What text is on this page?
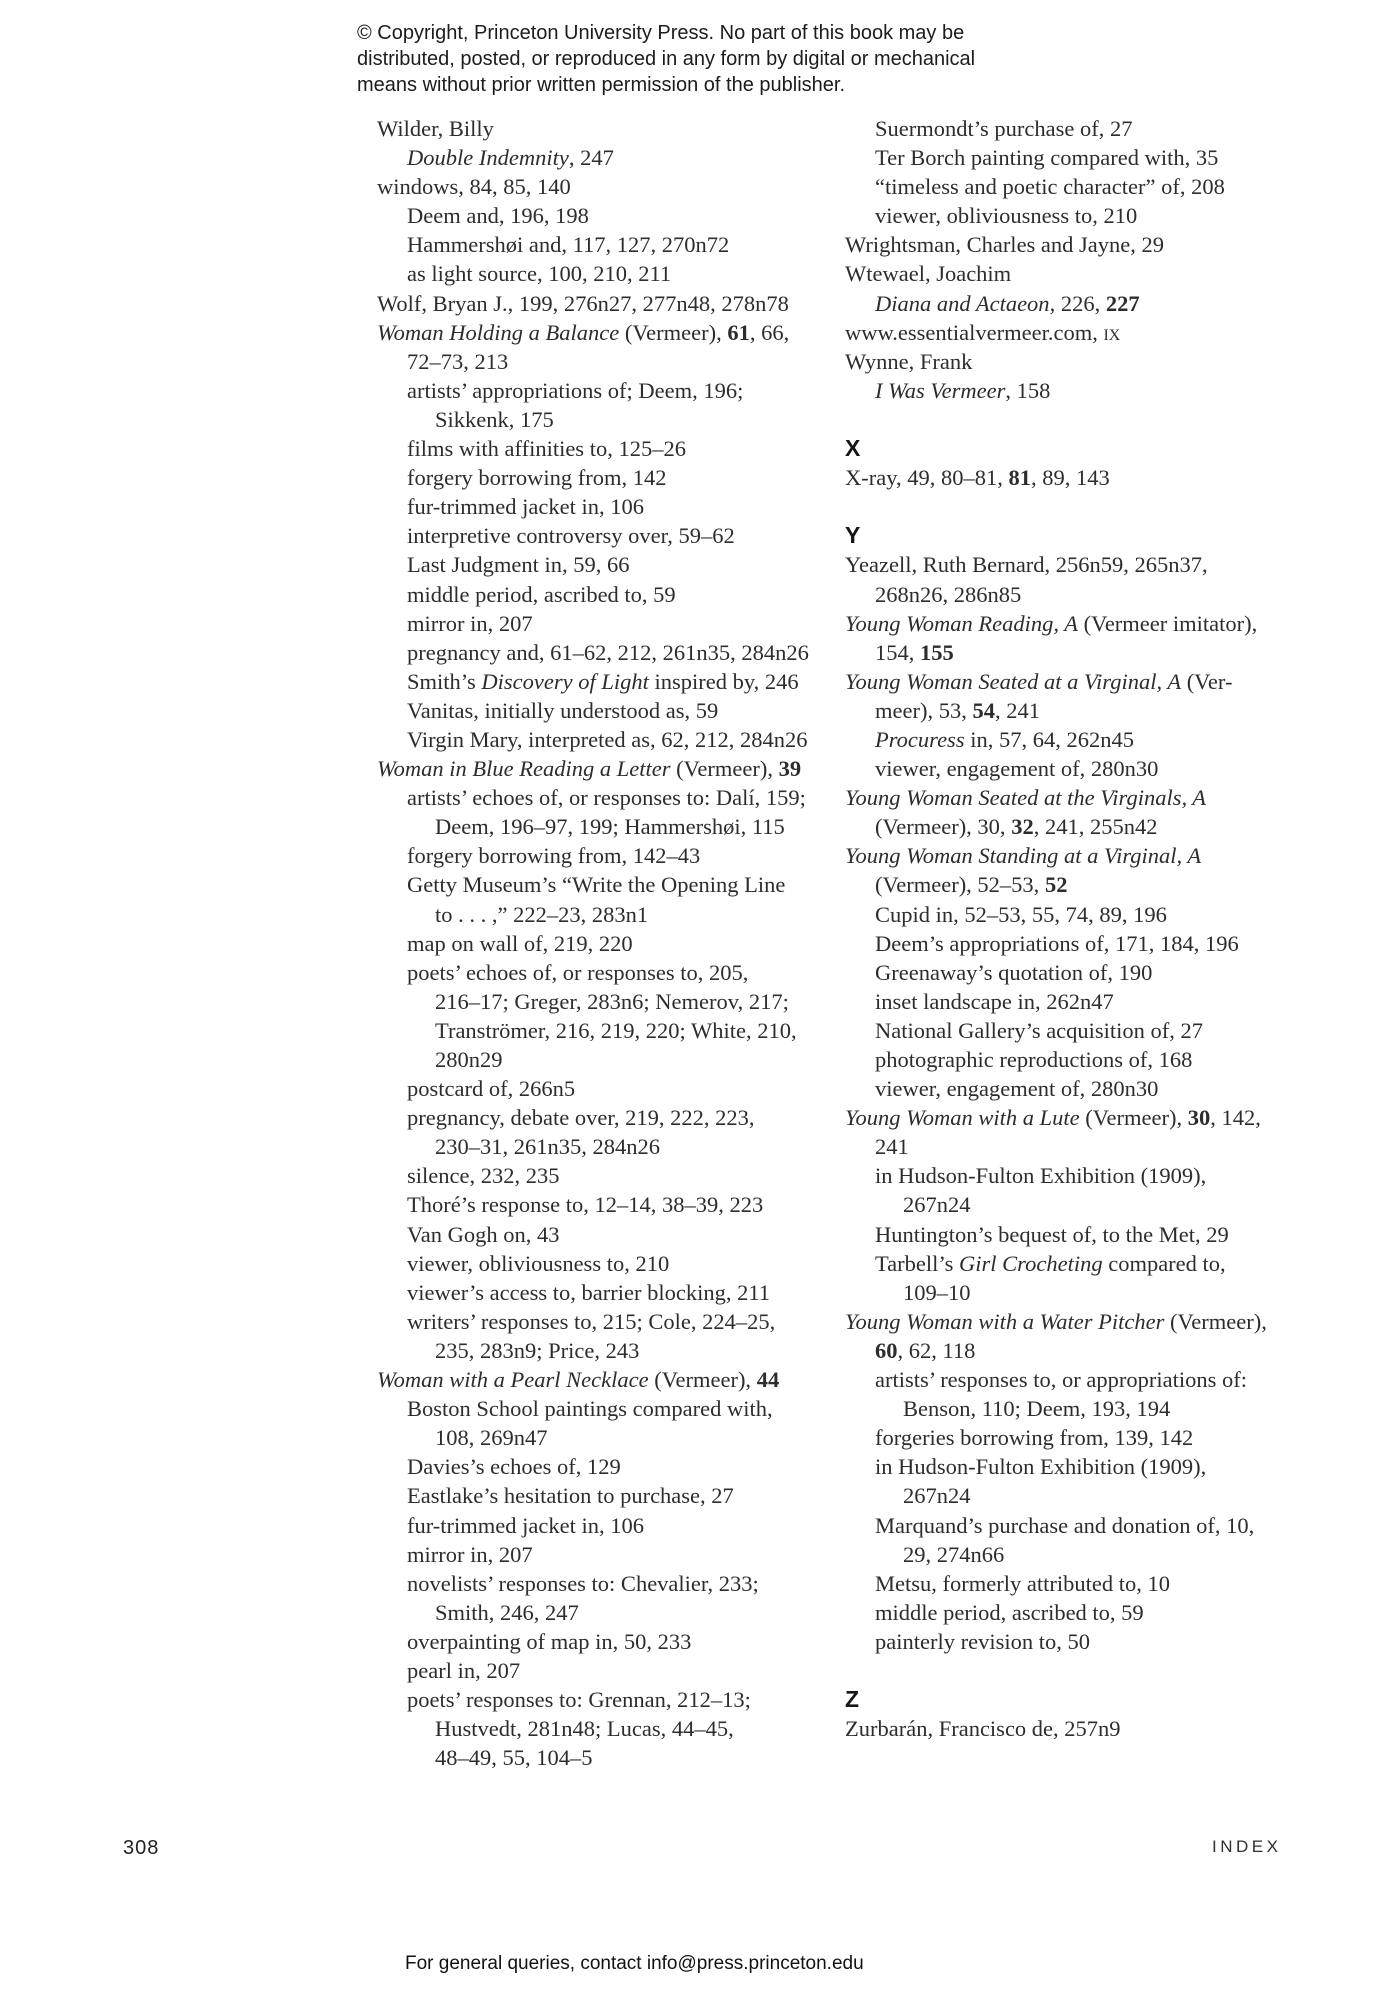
© Copyright, Princeton University Press. No part of this book may be
distributed, posted, or reproduced in any form by digital or mechanical
means without prior written permission of the publisher.
Wilder, Billy
Double Indemnity, 247
windows, 84, 85, 140
Deem and, 196, 198
Hammershøi and, 117, 127, 270n72
as light source, 100, 210, 211
Wolf, Bryan J., 199, 276n27, 277n48, 278n78
Woman Holding a Balance (Vermeer), 61, 66,
72–73, 213
artists’ appropriations of; Deem, 196;
Sikkenk, 175
films with affinities to, 125–26
forgery borrowing from, 142
fur-trimmed jacket in, 106
interpretive controversy over, 59–62
Last Judgment in, 59, 66
middle period, ascribed to, 59
mirror in, 207
pregnancy and, 61–62, 212, 261n35, 284n26
Smith’s Discovery of Light inspired by, 246
Vanitas, initially understood as, 59
Virgin Mary, interpreted as, 62, 212, 284n26
Woman in Blue Reading a Letter (Vermeer), 39
artists’ echoes of, or responses to: Dalí, 159;
Deem, 196–97, 199; Hammershøi, 115
forgery borrowing from, 142–43
Getty Museum’s “Write the Opening Line
to . . . ,” 222–23, 283n1
map on wall of, 219, 220
poets’ echoes of, or responses to, 205,
216–17; Greger, 283n6; Nemerov, 217;
Tranströmer, 216, 219, 220; White, 210,
280n29
postcard of, 266n5
pregnancy, debate over, 219, 222, 223,
230–31, 261n35, 284n26
silence, 232, 235
Thoré’s response to, 12–14, 38–39, 223
Van Gogh on, 43
viewer, obliviousness to, 210
viewer’s access to, barrier blocking, 211
writers’ responses to, 215; Cole, 224–25,
235, 283n9; Price, 243
Woman with a Pearl Necklace (Vermeer), 44
Boston School paintings compared with,
108, 269n47
Davies’s echoes of, 129
Eastlake’s hesitation to purchase, 27
fur-trimmed jacket in, 106
mirror in, 207
novelists’ responses to: Chevalier, 233;
Smith, 246, 247
overpainting of map in, 50, 233
pearl in, 207
poets’ responses to: Grennan, 212–13;
Hustvedt, 281n48; Lucas, 44–45,
48–49, 55, 104–5
Suermondt’s purchase of, 27
Ter Borch painting compared with, 35
“timeless and poetic character” of, 208
viewer, obliviousness to, 210
Wrightsman, Charles and Jayne, 29
Wtewael, Joachim
Diana and Actaeon, 226, 227
www.essentialvermeer.com, ix
Wynne, Frank
I Was Vermeer, 158
X
X-ray, 49, 80–81, 81, 89, 143
Y
Yeazell, Ruth Bernard, 256n59, 265n37,
268n26, 286n85
Young Woman Reading, A (Vermeer imitator),
154, 155
Young Woman Seated at a Virginal, A (Ver-
meer), 53, 54, 241
Procuress in, 57, 64, 262n45
viewer, engagement of, 280n30
Young Woman Seated at the Virginals, A
(Vermeer), 30, 32, 241, 255n42
Young Woman Standing at a Virginal, A
(Vermeer), 52–53, 52
Cupid in, 52–53, 55, 74, 89, 196
Deem’s appropriations of, 171, 184, 196
Greenaway’s quotation of, 190
inset landscape in, 262n47
National Gallery’s acquisition of, 27
photographic reproductions of, 168
viewer, engagement of, 280n30
Young Woman with a Lute (Vermeer), 30, 142,
241
in Hudson-Fulton Exhibition (1909),
267n24
Huntington’s bequest of, to the Met, 29
Tarbell’s Girl Crocheting compared to,
109–10
Young Woman with a Water Pitcher (Vermeer),
60, 62, 118
artists’ responses to, or appropriations of:
Benson, 110; Deem, 193, 194
forgeries borrowing from, 139, 142
in Hudson-Fulton Exhibition (1909),
267n24
Marquand’s purchase and donation of, 10,
29, 274n66
Metsu, formerly attributed to, 10
middle period, ascribed to, 59
painterly revision to, 50
Z
Zurbarán, Francisco de, 257n9
308	INDEX
For general queries, contact info@press.princeton.edu
